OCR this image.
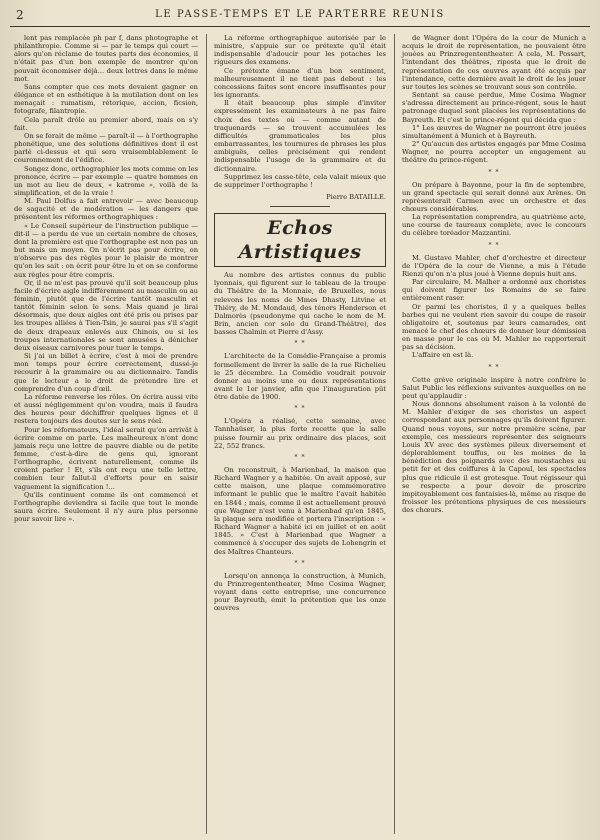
2	LE PASSE-TEMPS ET LE PARTERRE REUNIS

lent pas remplacée ph par f, dans photographe et philanthropie. Comme si — par le temps qui court — alors qu'on réclame de toutes parts des économies, il n'était pas d'un bon exemple de montrer qu'on pouvait économiser déjà... deux lettres dans le même mot.

Sans compter que ces mots devaient gagner en élégance et en esthétique à la mutilation dont on les menaçait : rumatism, rétorique, accion, ficsion, fotografe, filantropie.

Cela paraît drôle au premier abord, mais on s'y fait.

On se ferait de même — paraît-il — à l'orthographe phonétique, une des solutions définitives dont il est parlé ci-dessus et qui sera vraisemblablement le couronnement de l'édifice.

Songez donc, orthographier les mots comme on les prononce, écrire — par exemple — quatre hommes en un mot au lieu de deux, « katrome », voilà de la simplification, et de la vraie !

M. Paul Dolfus a fait entrevoir — avec beaucoup de sagacité et de modération — les dangers que présentent les réformes orthographiques :

« Le Conseil supérieur de l'instruction publique — dit-il — a perdu de vue un certain nombre de choses, dont la première est que l'orthographe est non pas un but mais un moyen. On n'écrit pas pour écrire, on n'observe pas des règles pour le plaisir de montrer qu'on les sait : on écrit pour être lu et on se conforme aux règles pour être compris.

Or, il ne m'est pas prouvé qu'il soit beaucoup plus facile d'écrire aigle indifféremment au masculin ou au féminin, plutôt que de l'écrire tantôt masculin et tantôt féminin selon le sens. Mais quand je lirai désormais, que deux aigles ont été pris ou prises par les troupes alliées à Tien-Tsin, je saurai pas s'il s'agit de deux drapeaux enlevés aux Chinois, ou si les troupes internationales se sont amusées à dénicher deux oiseaux carnivores pour tuer le temps.

Si j'ai un billet à écrire, c'est à moi de prendre mon temps pour écrire correctement, dussé-je recourir à la grammaire ou au dictionnaire. Tandis que le lecteur a le droit de prétendre lire et comprendre d'un coup d'œil.

La réforme renverse les rôles. On écrira aussi vite et aussi négligemment qu'on voudra, mais il faudra des heures pour déchiffrer quelques lignes et il restera toujours des doutes sur le sens réel.

Pour les réformateurs, l'idéal serait qu'on arrivât à écrire comme on parle. Les malheureux n'ont donc jamais reçu une lettre de pauvre diable ou de petite femme, c'est-à-dire de gens qui, ignorant l'orthographe, écrivent naturellement, comme ils croient parler ! Et, s'ils ont reçu une telle lettre, combien leur fallut-il d'efforts pour en saisir vaguement la signification !...

Qu'ils continuent comme ils ont commencé et l'orthographe deviendra si facile que tout le monde saura écrire. Seulement il n'y aura plus personne pour savoir lire ».

La réforme orthographique autorisée par le ministre, s'appuie sur ce prétexte qu'il était indispensable d'adoucir pour les potaches les rigueurs des examens.

Ce prétexte émane d'un bon sentiment, malheureusement il ne tient pas debout : les concessions faites sont encore insuffisantes pour les ignorants.

Il était beaucoup plus simple d'inviter expressément les examinateurs à ne pas faire choix des textes où — comme autant de traquenards — se trouvent accumulées les difficultés grammaticales les plus embarrassantes, les tournures de phrases les plus ambiguës, celles précisément qui rendent indispensable l'usage de la grammaire et du dictionnaire.

Supprimez les casse-tête, cela valait mieux que de supprimer l'orthographe !

Pierre BATAILLE.
Echos Artistiques

Au nombre des artistes connus du public lyonnais, qui figurent sur le tableau de la troupe du Théâtre de la Monnaie, de Bruxelles, nous relevons les noms de Mmes Dhasty, Litvine et Thiéry, de M. Mondaud, des ténors Henderson et Dalmorès (pseudonyme qui cache le nom de M. Brin, ancien cor solo du Grand-Théâtre), des basses Chalmin et Pierre d'Assy.

* *

L'architecte de la Comédie-Française a promis formellement de livrer la salle de la rue Richelieu le 25 décembre. La Comédie voudrait pouvoir donner au moins une ou deux représentations avant le 1er janvier, afin que l'inauguration pût être datée de 1900.

* *

L'Opéra a réalisé, cette semaine, avec Tannhaüser, la plus forte recette que la salle puisse fournir au prix ordinaire des places, soit 22, 552 francs.

* *

On reconstruit, à Marienbad, la maison que Richard Wagner y a habitée. On avait apposé, sur cette maison, une plaque commémorative informant le public que le maître l'avait habitée en 1844 ; mais, comme il est actuellement prouvé que Wagner n'est venu à Marienbad qu'en 1845, la plaque sera modifiée et portera l'inscription : « Richard Wagner a habité ici en juillet et en août 1845. » C'est à Marienbad que Wagner a commencé à s'occuper des sujets de Lohengrin et des Maîtres Chanteurs.

* *

Lorsqu'on annonça la construction, à Munich, du Prinzregententheater, Mme Cosima Wagner, voyant dans cette entreprise, une concurrence pour Bayreuth, émit la prétention que les onze œuvres

de Wagner dont l'Opéra de la cour de Munich a acquis le droit de représentation, ne pouvaient être jouées au Prinzregententheater. A cela, M. Possart, l'intendant des théâtres, riposta que le droit de représentation de ces œuvres ayant été acquis par l'intendance, cette dernière avait le droit de les jouer sur toutes les scènes se trouvant sous son contrôle.

Sentant sa cause perdue, Mme Cosima Wagner s'adressa directement au prince-régent, sous le haut patronage duquel sont placées les représentations de Bayreuth. Et c'est le prince-régent qui décida que :

1° Les œuvres de Wagner ne pourront être jouées simultanément à Munich et à Bayreuth.

2° Qu'aucun des artistes engagés par Mme Cosima Wagner, ne pourra accepter un engagement au théâtre du prince-régent.

* *

On prépare à Bayonne, pour la fin de septembre, un grand spectacle qui serait donné aux Arènes. On représenterait Carmen avec un orchestre et des chœurs considérables.

La représentation comprendra, au quatrième acte, une course de taureaux complète, avec le concours du célèbre toréador Mazzantini.

* *

M. Gustave Mahler, chef d'orchestre et directeur de l'Opéra de la cour de Vienne, a mis à l'étude Rienzi qu'on n'a plus joué à Vienne depuis huit ans.

Par circulaire, M. Malher a ordonné aux choristes qui doivent figurer les Romains de se faire entièrement raser.

Or parmi les choristes, il y a quelques belles barbes qui ne veulent rien savoir du coupe de rasoir obligatoire et, soutenus par leurs camarades, ont menacé le chef des chœurs de donner leur démission en masse pour le cas où M. Mahler ne rapporterait pas sa décision.

L'affaire en est là.

* *

Cette grève originale inspire à notre confrère le Salut Public les réflexions suivantes auxquelles on ne peut qu'applaudir :

Nous donnons absolument raison à la volonté de M. Mahler d'exiger de ses choristes un aspect correspondant aux personnages qu'ils doivent figurer. Quand nous voyons, sur notre première scène, par exemple, ces messieurs représenter des seigneurs Louis XV avec des systèmes pileux diversement et déplorablement touffus, ou les moines de la bénédiction des poignards avec des moustaches au petit fer et des coiffures à la Capoul, les spectacles plus que ridicule il est grotesque. Tout régisseur qui se respecte a pour devoir de proscrire impitoyablement ces fantaisies-là, même au risque de froisser les prétentions physiques de ces messieurs des chœurs.
